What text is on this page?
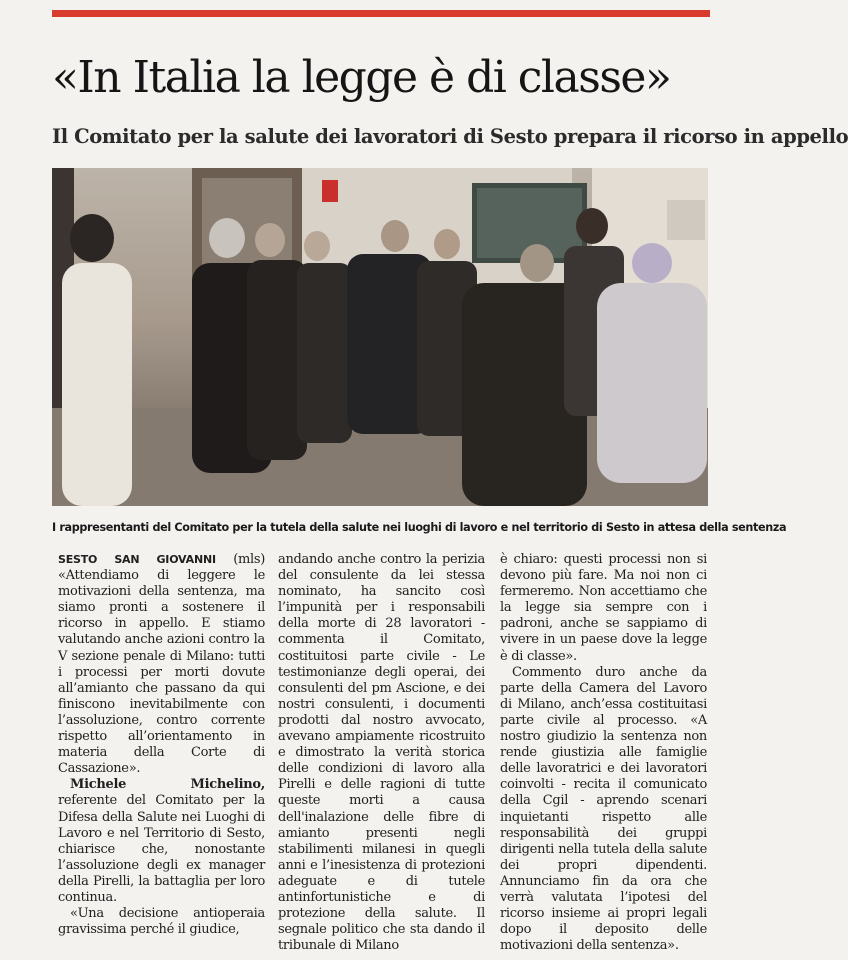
«In Italia la legge è di classe»
Il Comitato per la salute dei lavoratori di Sesto prepara il ricorso in appello
I rappresentanti del Comitato per la tutela della salute nei luoghi di lavoro e nel territorio di Sesto in attesa della sentenza

SESTO SAN GIOVANNI (mls) «Attendiamo di leggere le motivazioni della sentenza, ma siamo pronti a sostenere il ricorso in appello. E stiamo valutando anche azioni contro la V sezione penale di Milano: tutti i processi per morti dovute all’amianto che passano da qui finiscono inevitabilmente con l’assoluzione, contro corrente rispetto all’orientamento in materia della Corte di Cassazione».

Michele Michelino, referente del Comitato per la Difesa della Salute nei Luoghi di Lavoro e nel Territorio di Sesto, chiarisce che, nonostante l’assoluzione degli ex manager della Pirelli, la battaglia per loro continua.

«Una decisione antioperaia gravissima perché il giudice,

andando anche contro la perizia del consulente da lei stessa nominato, ha sancito così l’impunità per i responsabili della morte di 28 lavoratori - commenta il Comitato, costituitosi parte civile - Le testimonianze degli operai, dei consulenti del pm Ascione, e dei nostri consulenti, i documenti prodotti dal nostro avvocato, avevano ampiamente ricostruito e dimostrato la verità storica delle condizioni di lavoro alla Pirelli e delle ragioni di tutte queste morti a causa dell'inalazione delle fibre di amianto presenti negli stabilimenti milanesi in quegli anni e l’inesistenza di protezioni adeguate e di tutele antinfortunistiche e di protezione della salute. Il segnale politico che sta dando il tribunale di Milano

è chiaro: questi processi non si devono più fare. Ma noi non ci fermeremo. Non accettiamo che la legge sia sempre con i padroni, anche se sappiamo di vivere in un paese dove la legge è di classe».

Commento duro anche da parte della Camera del Lavoro di Milano, anch’essa costituitasi parte civile al processo. «A nostro giudizio la sentenza non rende giustizia alle famiglie delle lavoratrici e dei lavoratori coinvolti - recita il comunicato della Cgil - aprendo scenari inquietanti rispetto alle responsabilità dei gruppi dirigenti nella tutela della salute dei propri dipendenti. Annunciamo fin da ora che verrà valutata l’ipotesi del ricorso insieme ai propri legali dopo il deposito delle motivazioni della sentenza».
